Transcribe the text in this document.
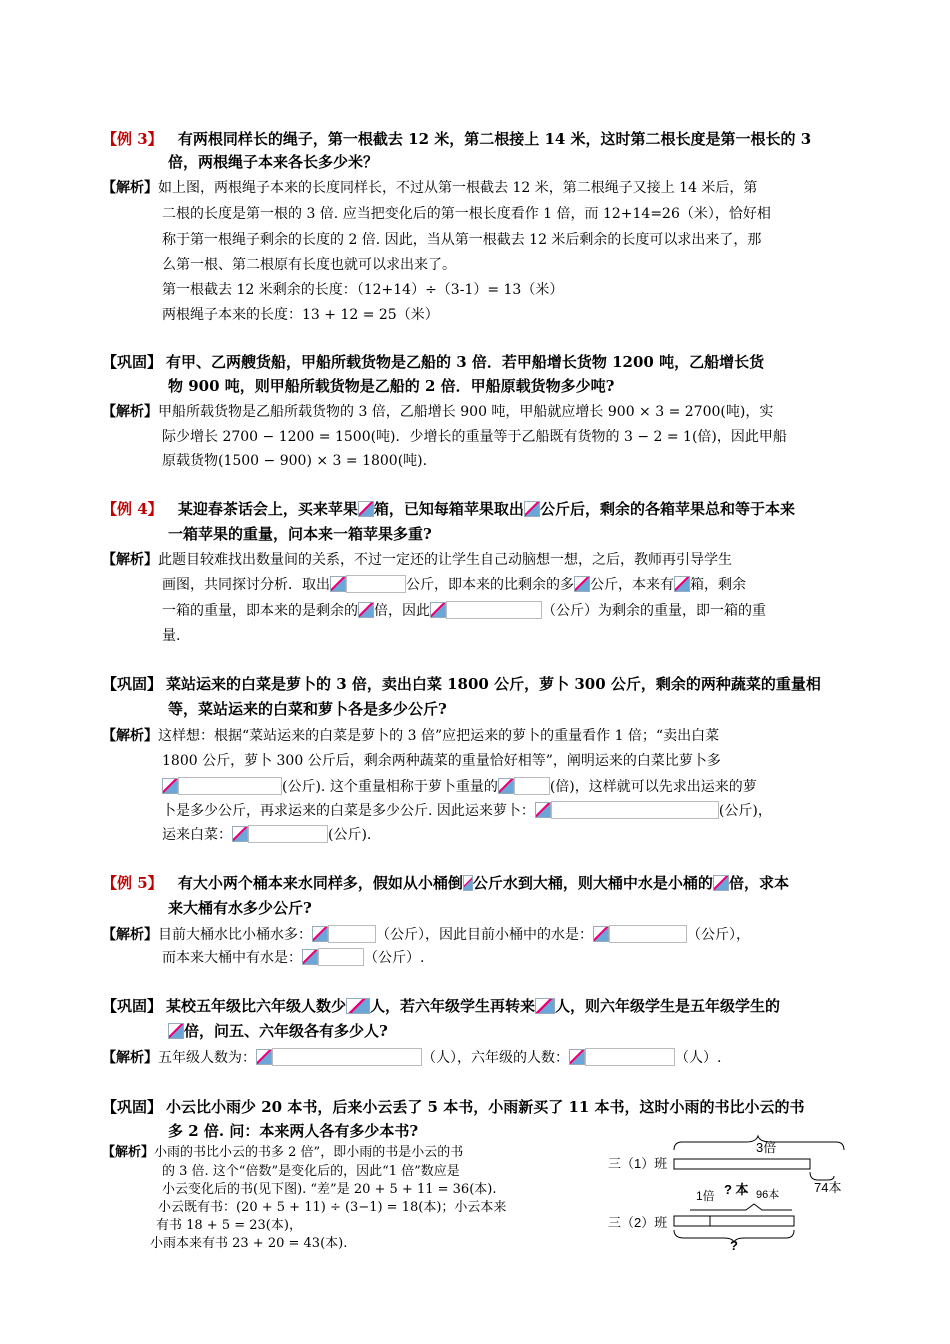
【例 3】 有两根同样长的绳子，第一根截去 12 米，第二根接上 14 米，这时第二根长度是第一根长的 3
倍，两根绳子本来各长多少米？
【解析】如上图，两根绳子本来的长度同样长，不过从第一根截去 12 米，第二根绳子又接上 14 米后，第
二根的长度是第一根的 3 倍. 应当把变化后的第一根长度看作 1 倍，而 12+14=26（米），恰好相
称于第一根绳子剩余的长度的 2 倍. 因此，当从第一根截去 12 米后剩余的长度可以求出来了，那
么第一根、第二根原有长度也就可以求出来了。
第一根截去 12 米剩余的长度：（12+14）÷（3-1）= 13（米）
两根绳子本来的长度：13 + 12 = 25（米）
【巩固】 有甲、乙两艘货船，甲船所载货物是乙船的 3 倍．若甲船增长货物 1200 吨，乙船增长货
物 900 吨，则甲船所载货物是乙船的 2 倍．甲船原载货物多少吨?
【解析】甲船所载货物是乙船所载货物的 3 倍，乙船增长 900 吨，甲船就应增长 900 × 3 = 2700(吨)，实
际少增长 2700 − 1200 = 1500(吨)．少增长的重量等于乙船既有货物的 3 − 2 = 1(倍)，因此甲船
原载货物(1500 − 900) × 3 = 1800(吨).
【例 4】 某迎春茶话会上，买来苹果 箱，已知每箱苹果取出 公斤后，剩余的各箱苹果总和等于本来
一箱苹果的重量，问本来一箱苹果多重?
【解析】此题目较难找出数量间的关系，不过一定还的让学生自己动脑想一想，之后，教师再引导学生
画图，共同探讨分析．取出	公斤，即本来的比剩余的多 公斤，本来有 箱，剩余
一箱的重量，即本来的是剩余的 倍，因此	（公斤）为剩余的重量，即一箱的重
量.
【巩固】 菜站运来的白菜是萝卜的 3 倍，卖出白菜 1800 公斤，萝卜 300 公斤，剩余的两种蔬菜的重量相
等，菜站运来的白菜和萝卜各是多少公斤?
【解析】这样想：根据“菜站运来的白菜是萝卜的 3 倍”应把运来的萝卜的重量看作 1 倍；“卖出白菜
1800 公斤，萝卜 300 公斤后，剩余两种蔬菜的重量恰好相等”，阐明运来的白菜比萝卜多
(公斤). 这个重量相称于萝卜重量的	(倍)，这样就可以先求出运来的萝
卜是多少公斤，再求运来的白菜是多少公斤. 因此运来萝卜：	(公斤)，
运来白菜：	(公斤).
【例 5】 有大小两个桶本来水同样多，假如从小桶倒 公斤水到大桶，则大桶中水是小桶的 倍，求本
来大桶有水多少公斤?
【解析】目前大桶水比小桶水多：	（公斤），因此目前小桶中的水是：	（公斤），
而本来大桶中有水是：	（公斤）.
【巩固】 某校五年级比六年级人数少 人，若六年级学生再转来 人，则六年级学生是五年级学生的
倍，问五、六年级各有多少人?
【解析】五年级人数为：	（人），六年级的人数：	（人）.
【巩固】 小云比小雨少 20 本书，后来小云丢了 5 本书，小雨新买了 11 本书，这时小雨的书比小云的书
多 2 倍. 问：本来两人各有多少本书?
【解析】小雨的书比小云的书多 2 倍”，即小雨的书是小云的书
的 3 倍. 这个“倍数”是变化后的，因此“1 倍”数应是
小云变化后的书(见下图). “差”是 20 + 5 + 11 = 36(本).
小云既有书：(20 + 5 + 11) ÷ (3−1) = 18(本)；小云本来
有书 18 + 5 = 23(本)，
小雨本来有书 23 + 20 = 43(本).
三（1）班
三（2）班
3倍
1倍 ? 本 96本	74本
?
